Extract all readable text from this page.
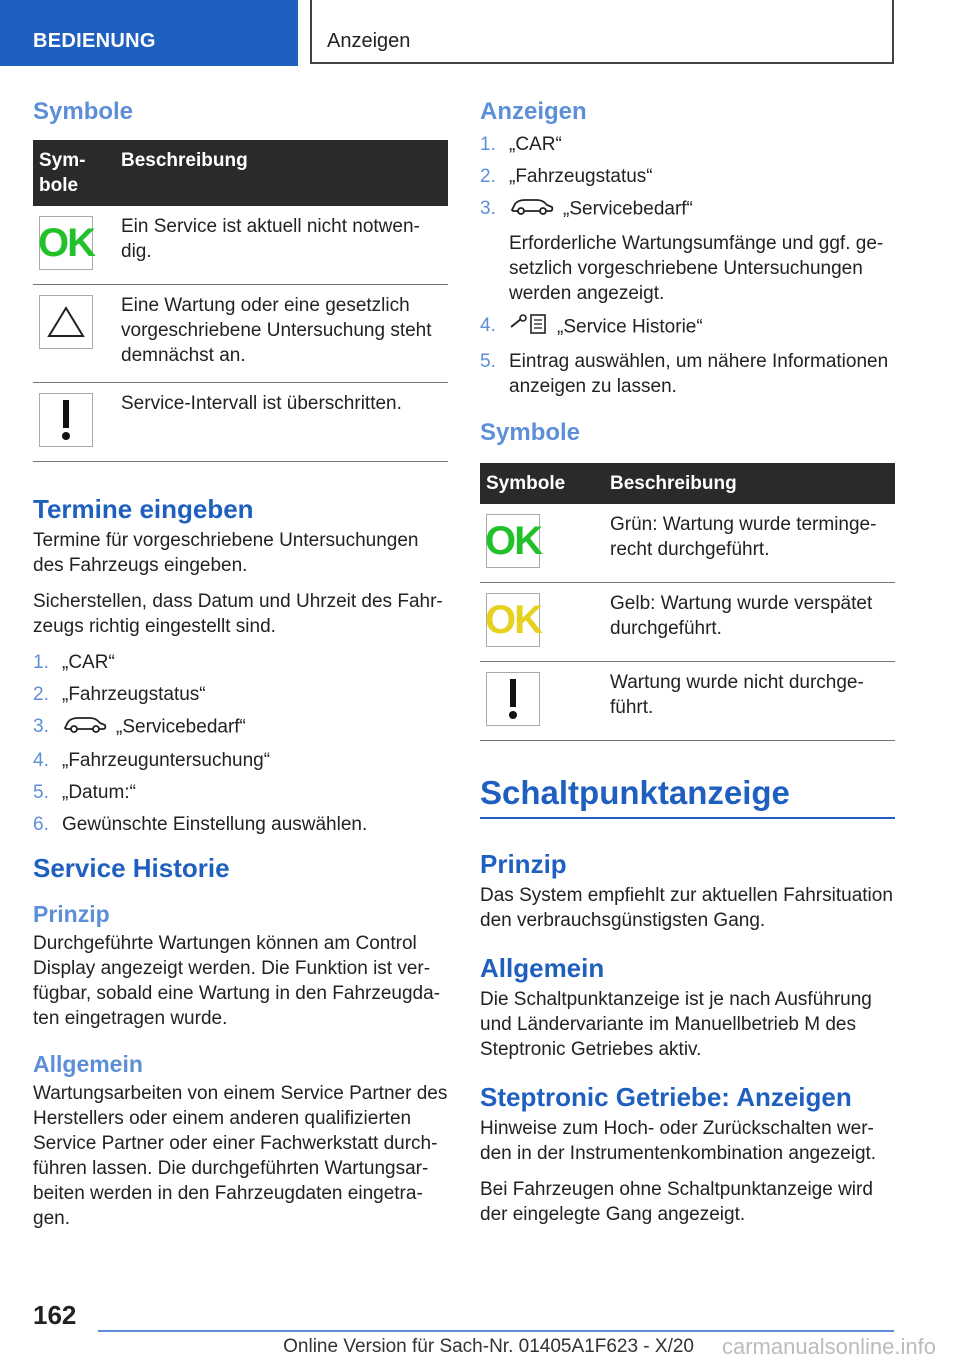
BEDIENUNG	Anzeigen
Symbole
Sym-
bole	Beschreibung

OK	Ein Service ist aktuell nicht notwen-dig.

	Eine Wartung oder eine gesetzlich vorgeschriebene Untersuchung steht demnächst an.

	Service-Intervall ist überschritten.
Termine eingeben

Termine für vorgeschriebene Untersuchungen des Fahrzeugs eingeben.

Sicherstellen, dass Datum und Uhrzeit des Fahr-zeugs richtig eingestellt sind.

1. „CAR“
2. „Fahrzeugstatus“
3.	„Servicebedarf“
4. „Fahrzeuguntersuchung“
5. „Datum:“
6. Gewünschte Einstellung auswählen.
Service Historie
Prinzip

Durchgeführte Wartungen können am Control Display angezeigt werden. Die Funktion ist ver-fügbar, sobald eine Wartung in den Fahrzeugda-ten eingetragen wurde.

Allgemein

Wartungsarbeiten von einem Service Partner des Herstellers oder einem anderen qualifizierten Service Partner oder einer Fachwerkstatt durch-führen lassen. Die durchgeführten Wartungsar-beiten werden in den Fahrzeugdaten eingetra-gen.

Anzeigen
1. „CAR“
2. „Fahrzeugstatus“
3.	„Servicebedarf“
Erforderliche Wartungsumfänge und ggf. ge-setzlich vorgeschriebene Untersuchungen werden angezeigt.
4.	„Service Historie“
5. Eintrag auswählen, um nähere Informationen anzeigen zu lassen.
Symbole
Symbole	Beschreibung

OK	Grün: Wartung wurde terminge-recht durchgeführt.

OK	Gelb: Wartung wurde verspätet durchgeführt.

	Wartung wurde nicht durchge-führt.
Schaltpunktanzeige
Prinzip

Das System empfiehlt zur aktuellen Fahrsituation den verbrauchsgünstigsten Gang.

Allgemein

Die Schaltpunktanzeige ist je nach Ausführung und Ländervariante im Manuellbetrieb M des Steptronic Getriebes aktiv.

Steptronic Getriebe: Anzeigen

Hinweise zum Hoch- oder Zurückschalten wer-den in der Instrumentenkombination angezeigt.

Bei Fahrzeugen ohne Schaltpunktanzeige wird der eingelegte Gang angezeigt.

162
Online Version für Sach-Nr. 01405A1F623 - X/20 carmanualsonline.info
